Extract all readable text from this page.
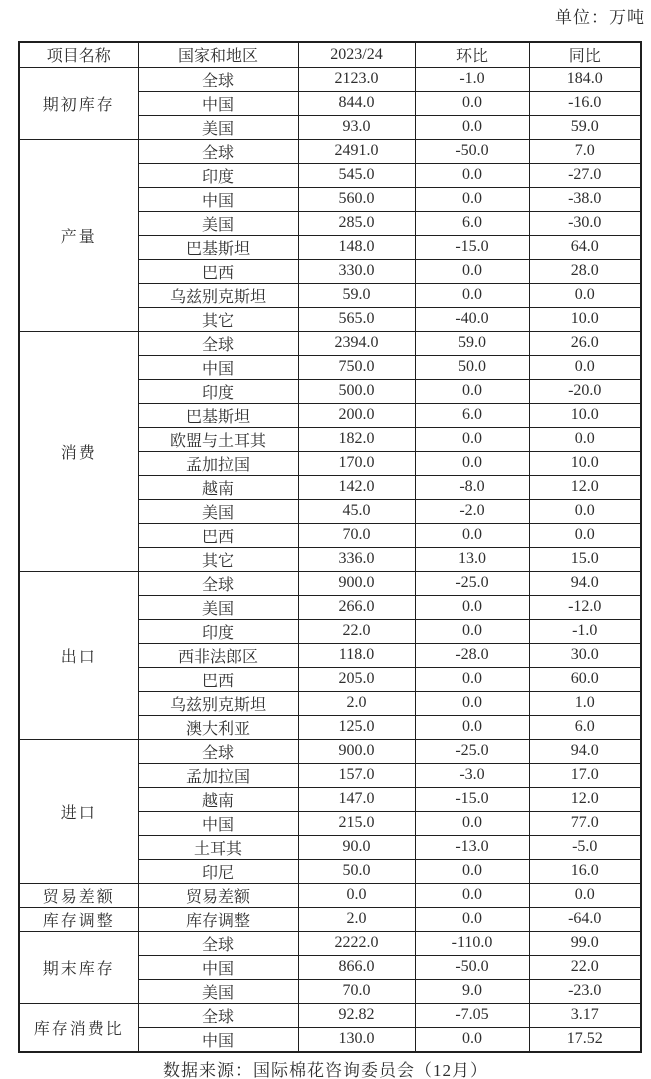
单位：万吨
项目名称	国家和地区	2023/24	环比	同比
期初库存	全球	2123.0	-1.0	184.0
	中国	844.0	0.0	-16.0
	美国	93.0	0.0	59.0
产量	全球	2491.0	-50.0	7.0
	印度	545.0	0.0	-27.0
	中国	560.0	0.0	-38.0
	美国	285.0	6.0	-30.0
	巴基斯坦	148.0	-15.0	64.0
	巴西	330.0	0.0	28.0
	乌兹别克斯坦	59.0	0.0	0.0
	其它	565.0	-40.0	10.0
消费	全球	2394.0	59.0	26.0
	中国	750.0	50.0	0.0
	印度	500.0	0.0	-20.0
	巴基斯坦	200.0	6.0	10.0
	欧盟与土耳其	182.0	0.0	0.0
	孟加拉国	170.0	0.0	10.0
	越南	142.0	-8.0	12.0
	美国	45.0	-2.0	0.0
	巴西	70.0	0.0	0.0
	其它	336.0	13.0	15.0
出口	全球	900.0	-25.0	94.0
	美国	266.0	0.0	-12.0
	印度	22.0	0.0	-1.0
	西非法郎区	118.0	-28.0	30.0
	巴西	205.0	0.0	60.0
	乌兹别克斯坦	2.0	0.0	1.0
	澳大利亚	125.0	0.0	6.0
进口	全球	900.0	-25.0	94.0
	孟加拉国	157.0	-3.0	17.0
	越南	147.0	-15.0	12.0
	中国	215.0	0.0	77.0
	土耳其	90.0	-13.0	-5.0
	印尼	50.0	0.0	16.0
贸易差额	贸易差额	0.0	0.0	0.0
库存调整	库存调整	2.0	0.0	-64.0
期末库存	全球	2222.0	-110.0	99.0
	中国	866.0	-50.0	22.0
	美国	70.0	9.0	-23.0
库存消费比	全球	92.82	-7.05	3.17
	中国	130.0	0.0	17.52
数据来源：国际棉花咨询委员会（12月）
